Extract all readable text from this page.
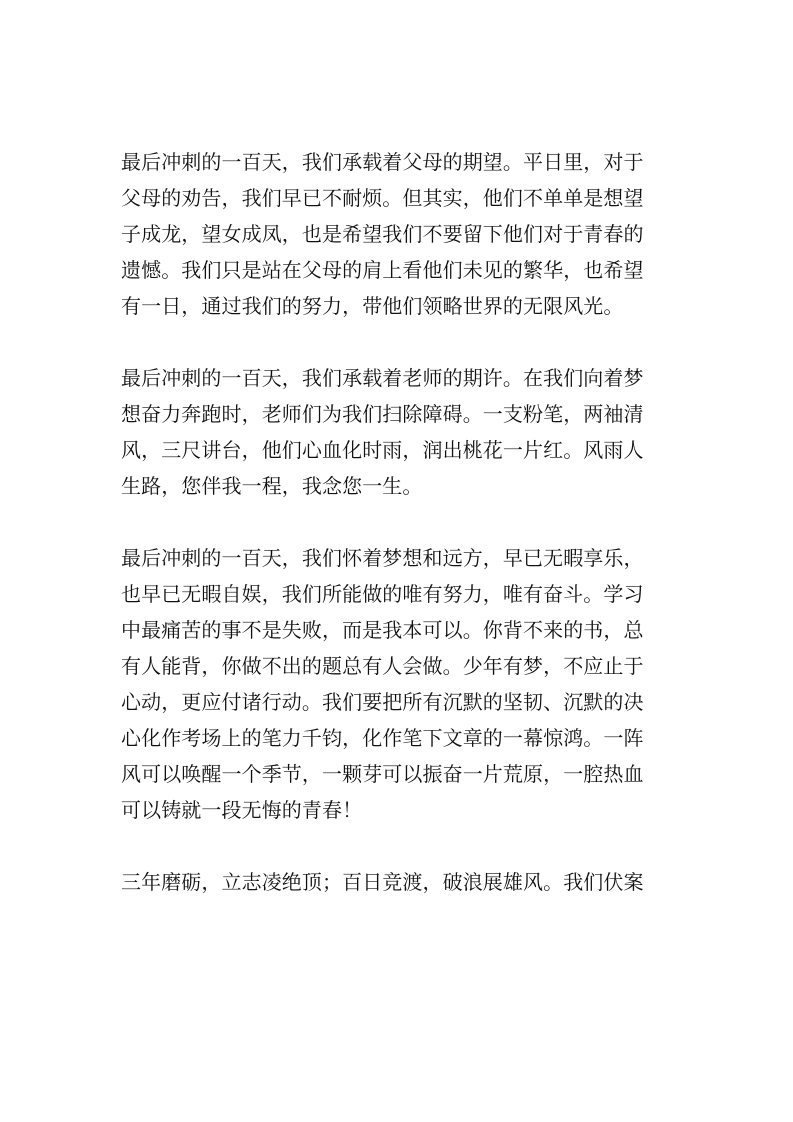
最后冲刺的一百天，我们承载着父母的期望。平日里，对于
父母的劝告，我们早已不耐烦。但其实，他们不单单是想望
子成龙，望女成凤，也是希望我们不要留下他们对于青春的
遗憾。我们只是站在父母的肩上看他们未见的繁华，也希望
有一日，通过我们的努力，带他们领略世界的无限风光。
最后冲刺的一百天，我们承载着老师的期许。在我们向着梦
想奋力奔跑时，老师们为我们扫除障碍。一支粉笔，两袖清
风，三尺讲台，他们心血化时雨，润出桃花一片红。风雨人
生路，您伴我一程，我念您一生。
最后冲刺的一百天，我们怀着梦想和远方，早已无暇享乐，
也早已无暇自娱，我们所能做的唯有努力，唯有奋斗。学习
中最痛苦的事不是失败，而是我本可以。你背不来的书，总
有人能背，你做不出的题总有人会做。少年有梦，不应止于
心动，更应付诸行动。我们要把所有沉默的坚韧、沉默的决
心化作考场上的笔力千钧，化作笔下文章的一幕惊鸿。一阵
风可以唤醒一个季节，一颗芽可以振奋一片荒原，一腔热血
可以铸就一段无悔的青春！
三年磨砺，立志凌绝顶；百日竞渡，破浪展雄风。我们伏案
